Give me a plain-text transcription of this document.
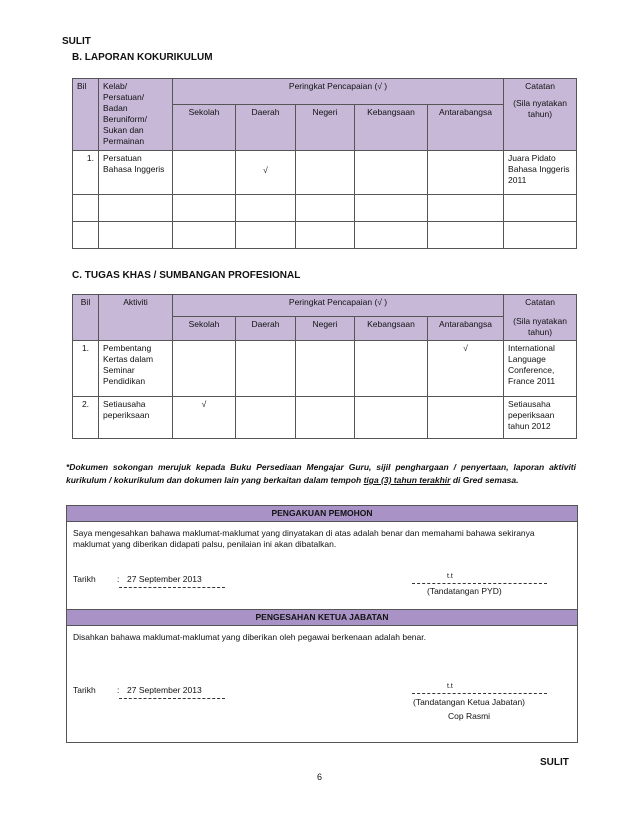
SULIT
B. LAPORAN KOKURIKULUM
Bil	Kelab/ Persatuan/ Badan Beruniform/ Sukan dan Permainan	Peringkat Pencapaian (√ )					Catatan
(Sila nyatakan tahun)

		Sekolah	Daerah	Negeri	Kebangsaan	Antarabangsa	
1.	Persatuan Bahasa Inggeris		√				Juara Pidato Bahasa Inggeris 2011

C. TUGAS KHAS / SUMBANGAN PROFESIONAL
Bil	Aktiviti	Peringkat Pencapaian (√ )					Catatan
(Sila nyatakan tahun)

		Sekolah	Daerah	Negeri	Kebangsaan	Antarabangsa	
1.	Pembentang Kertas dalam Seminar Pendidikan					√	International Language Conference, France 2011
2.	Setiausaha peperiksaan	√					Setiausaha peperiksaan tahun 2012
*Dokumen sokongan merujuk kepada Buku Persediaan Mengajar Guru, sijil penghargaan / penyertaan, laporan aktiviti kurikulum / kokurikulum dan dokumen lain yang berkaitan dalam tempoh tiga (3) tahun terakhir di Gred semasa.
PENGAKUAN PEMOHON
Saya mengesahkan bahawa maklumat-maklumat yang dinyatakan di atas adalah benar dan memahami bahawa sekiranya maklumat yang diberikan didapati palsu, penilaian ini akan dibatalkan.
Tarikh	: 27 September 2013	t.t
(Tandatangan PYD)
PENGESAHAN KETUA JABATAN
Disahkan bahawa maklumat-maklumat yang diberikan oleh pegawai berkenaan adalah benar.
Tarikh	: 27 September 2013	t.t
(Tandatangan Ketua Jabatan)
Cop Rasmi
SULIT
6
